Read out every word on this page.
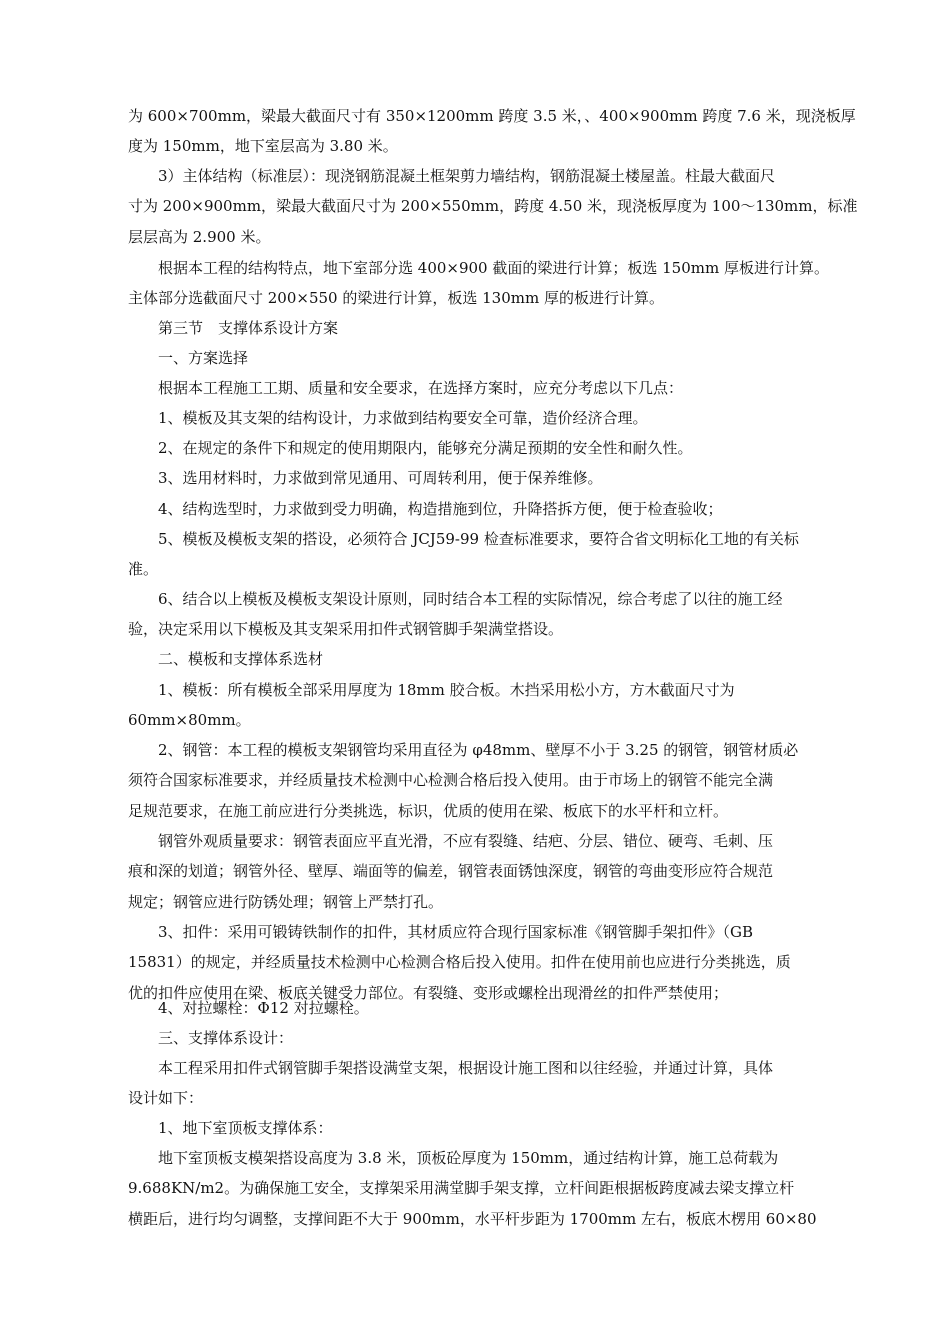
为 600×700mm，梁最大截面尺寸有 350×1200mm 跨度 3.5 米，、400×900mm 跨度 7.6 米，现浇板厚
度为 150mm，地下室层高为 3.80 米。
3）主体结构（标准层）：现浇钢筋混凝土框架剪力墙结构，钢筋混凝土楼屋盖。柱最大截面尺
寸为 200×900mm，梁最大截面尺寸为 200×550mm，跨度 4.50 米，现浇板厚度为 100～130mm，标准
层层高为 2.900 米。
根据本工程的结构特点，地下室部分选 400×900 截面的梁进行计算；板选 150mm 厚板进行计算。
主体部分选截面尺寸 200×550 的梁进行计算，板选 130mm 厚的板进行计算。
第三节　支撑体系设计方案
一、方案选择
根据本工程施工工期、质量和安全要求，在选择方案时，应充分考虑以下几点：
1、模板及其支架的结构设计，力求做到结构要安全可靠，造价经济合理。
2、在规定的条件下和规定的使用期限内，能够充分满足预期的安全性和耐久性。
3、选用材料时，力求做到常见通用、可周转利用，便于保养维修。
4、结构选型时，力求做到受力明确，构造措施到位，升降搭拆方便，便于检查验收；
5、模板及模板支架的搭设，必须符合 JCJ59-99 检查标准要求，要符合省文明标化工地的有关标
准。
6、结合以上模板及模板支架设计原则，同时结合本工程的实际情况，综合考虑了以往的施工经
验，决定采用以下模板及其支架采用扣件式钢管脚手架满堂搭设。
二、模板和支撑体系选材
1、模板：所有模板全部采用厚度为 18mm 胶合板。木挡采用松小方，方木截面尺寸为
60mm×80mm。
2、钢管：本工程的模板支架钢管均采用直径为 φ48mm、壁厚不小于 3.25 的钢管，钢管材质必
须符合国家标准要求，并经质量技术检测中心检测合格后投入使用。由于市场上的钢管不能完全满
足规范要求，在施工前应进行分类挑选，标识，优质的使用在梁、板底下的水平杆和立杆。
钢管外观质量要求：钢管表面应平直光滑，不应有裂缝、结疤、分层、错位、硬弯、毛刺、压
痕和深的划道；钢管外径、壁厚、端面等的偏差，钢管表面锈蚀深度，钢管的弯曲变形应符合规范
规定；钢管应进行防锈处理；钢管上严禁打孔。
3、扣件：采用可锻铸铁制作的扣件，其材质应符合现行国家标准《钢管脚手架扣件》（GB
15831）的规定，并经质量技术检测中心检测合格后投入使用。扣件在使用前也应进行分类挑选，质
优的扣件应使用在梁、板底关键受力部位。有裂缝、变形或螺栓出现滑丝的扣件严禁使用；
4、对拉螺栓：Φ12 对拉螺栓。
三、支撑体系设计：
本工程采用扣件式钢管脚手架搭设满堂支架，根据设计施工图和以往经验，并通过计算，具体
设计如下：
1、地下室顶板支撑体系：
地下室顶板支模架搭设高度为 3.8 米，顶板砼厚度为 150mm，通过结构计算，施工总荷载为
9.688KN/m2。为确保施工安全，支撑架采用满堂脚手架支撑，立杆间距根据板跨度减去梁支撑立杆
横距后，进行均匀调整，支撑间距不大于 900mm，水平杆步距为 1700mm 左右，板底木楞用 60×80
